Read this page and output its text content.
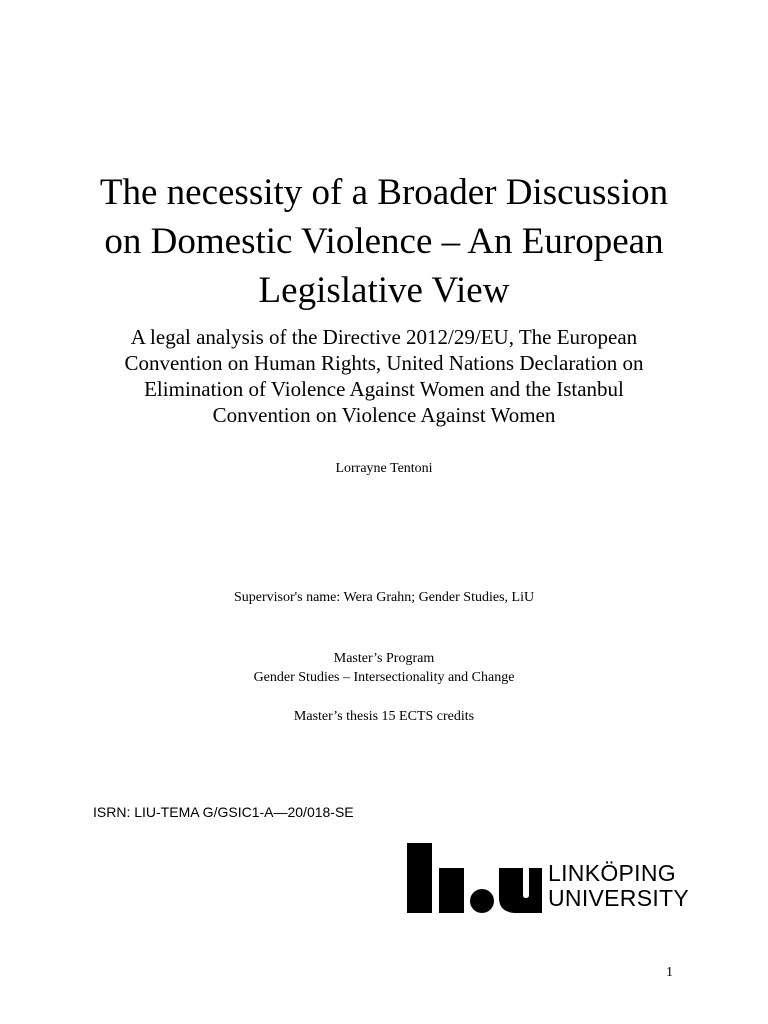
The necessity of a Broader Discussion
on Domestic Violence – An European
Legislative View
A legal analysis of the Directive 2012/29/EU, The European
Convention on Human Rights, United Nations Declaration on
Elimination of Violence Against Women and the Istanbul
Convention on Violence Against Women
Lorrayne Tentoni
Supervisor's name: Wera Grahn; Gender Studies, LiU
Master’s Program
Gender Studies – Intersectionality and Change
Master’s thesis 15 ECTS credits
ISRN: LIU-TEMA G/GSIC1-A—20/018-SE
LINKÖPING
UNIVERSITY
1
